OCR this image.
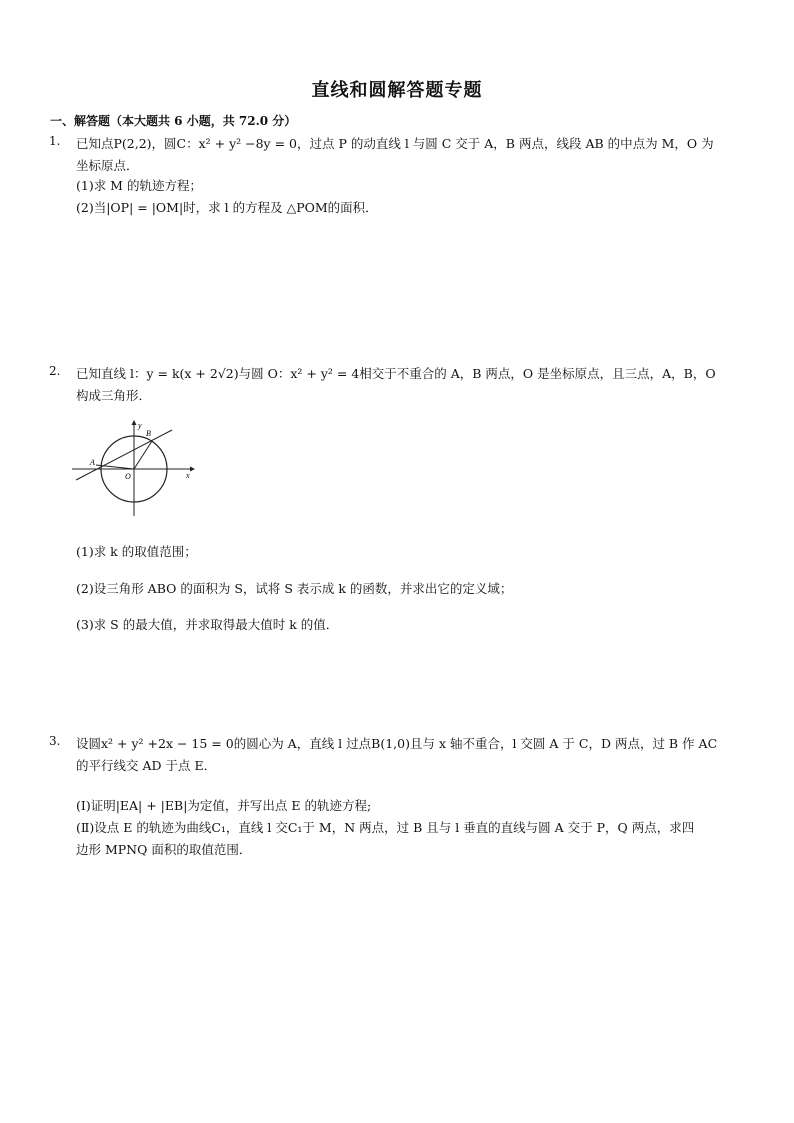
直线和圆解答题专题
一、解答题（本大题共 6 小题，共 72.0 分）
1. 已知点P(2,2)，圆C：x² + y² −8y = 0，过点 P 的动直线 l 与圆 C 交于 A，B 两点，线段 AB 的中点为 M，O 为
坐标原点．
(1)求 M 的轨迹方程；
(2)当|OP| = |OM|时，求 l 的方程及 △POM的面积．
2. 已知直线 l：y = k(x + 2√2)与圆 O：x² + y² = 4相交于不重合的 A，B 两点，O 是坐标原点，且三点，A，B，O
构成三角形．
y
x
B
A
O
(1)求 k 的取值范围；
(2)设三角形 ABO 的面积为 S，试将 S 表示成 k 的函数，并求出它的定义域；
(3)求 S 的最大值，并求取得最大值时 k 的值．
3. 设圆x² + y² +2x − 15 = 0的圆心为 A，直线 l 过点B(1,0)且与 x 轴不重合，l 交圆 A 于 C，D 两点，过 B 作 AC
的平行线交 AD 于点 E．
(Ⅰ)证明|EA| + |EB|为定值，并写出点 E 的轨迹方程;
(Ⅱ)设点 E 的轨迹为曲线C₁，直线 l 交C₁于 M，N 两点，过 B 且与 l 垂直的直线与圆 A 交于 P，Q 两点，求四
边形 MPNQ 面积的取值范围．
